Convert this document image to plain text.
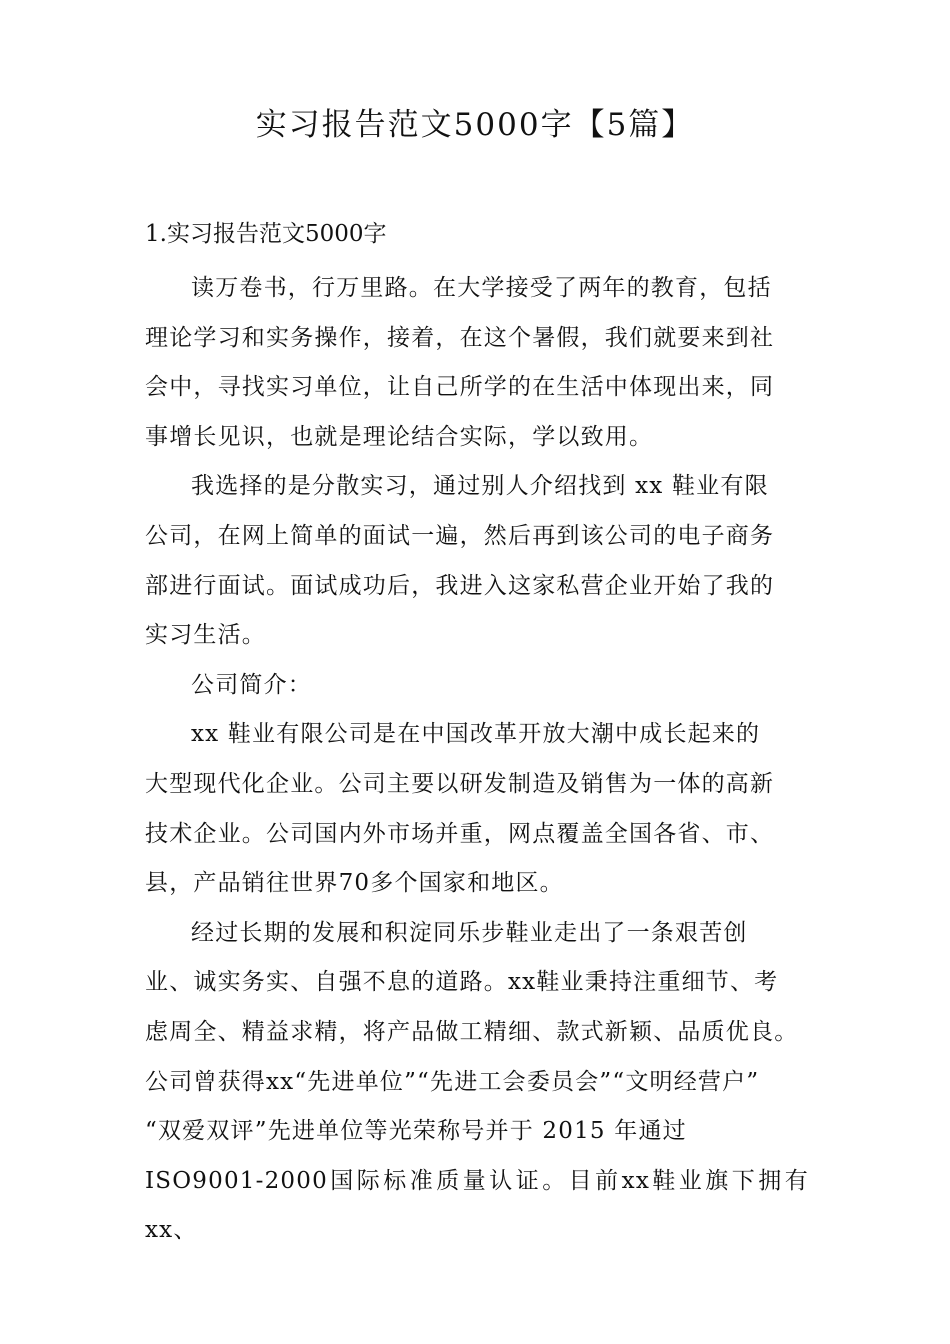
实习报告范文5000字【5篇】
1.实习报告范文5000字

读万卷书，行万里路。在大学接受了两年的教育，包括
理论学习和实务操作，接着，在这个暑假，我们就要来到社
会中，寻找实习单位，让自己所学的在生活中体现出来，同
事增长见识，也就是理论结合实际，学以致用。

我选择的是分散实习，通过别人介绍找到 xx 鞋业有限
公司，在网上简单的面试一遍，然后再到该公司的电子商务
部进行面试。面试成功后，我进入这家私营企业开始了我的
实习生活。

公司简介：

xx 鞋业有限公司是在中国改革开放大潮中成长起来的
大型现代化企业。公司主要以研发制造及销售为一体的高新
技术企业。公司国内外市场并重，网点覆盖全国各省、市、
县，产品销往世界70多个国家和地区。

经过长期的发展和积淀同乐步鞋业走出了一条艰苦创
业、诚实务实、自强不息的道路。xx鞋业秉持注重细节、考
虑周全、精益求精，将产品做工精细、款式新颖、品质优良。
公司曾获得xx“先进单位”“先进工会委员会”“文明经营户”
“双爱双评”先进单位等光荣称号并于 2015 年通过
ISO9001-2000国际标准质量认证。目前xx鞋业旗下拥有xx、
